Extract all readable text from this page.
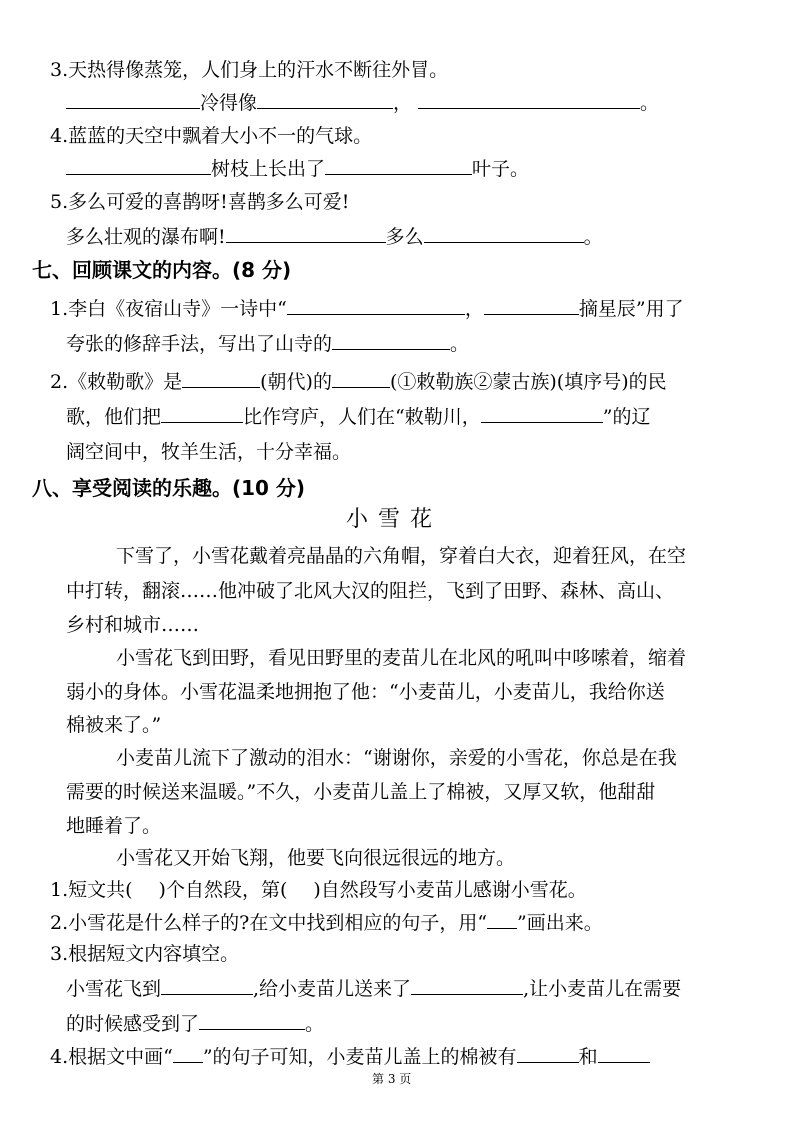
3.天热得像蒸笼，人们身上的汗水不断往外冒。
冷得像	，	。
4.蓝蓝的天空中飘着大小不一的气球。
树枝上长出了	叶子。
5.多么可爱的喜鹊呀!喜鹊多么可爱!
多么壮观的瀑布啊!	多么	。
七、回顾课文的内容。(8 分)
1.李白《夜宿山寺》一诗中“	，	摘星辰”用了
夸张的修辞手法，写出了山寺的	。
2.《敕勒歌》是	(朝代)的	(①敕勒族②蒙古族)(填序号)的民
歌，他们把	比作穹庐，人们在“敕勒川，	”的辽
阔空间中，牧羊生活，十分幸福。
八、享受阅读的乐趣。(10 分)
小雪花
下雪了，小雪花戴着亮晶晶的六角帽，穿着白大衣，迎着狂风，在空
中打转，翻滚……他冲破了北风大汉的阻拦，飞到了田野、森林、高山、
乡村和城市……
小雪花飞到田野，看见田野里的麦苗儿在北风的吼叫中哆嗦着，缩着
弱小的身体。小雪花温柔地拥抱了他：“小麦苗儿，小麦苗儿，我给你送
棉被来了。”
小麦苗儿流下了激动的泪水：“谢谢你，亲爱的小雪花，你总是在我
需要的时候送来温暖。”不久，小麦苗儿盖上了棉被，又厚又软，他甜甜
地睡着了。
小雪花又开始飞翔，他要飞向很远很远的地方。
1.短文共( )个自然段，第( )自然段写小麦苗儿感谢小雪花。
2.小雪花是什么样子的?在文中找到相应的句子，用“ ”画出来。
3.根据短文内容填空。
小雪花飞到	,给小麦苗儿送来了	,让小麦苗儿在需要
的时候感受到了	。
4.根据文中画“ ”的句子可知，小麦苗儿盖上的棉被有	和
第 3 页
